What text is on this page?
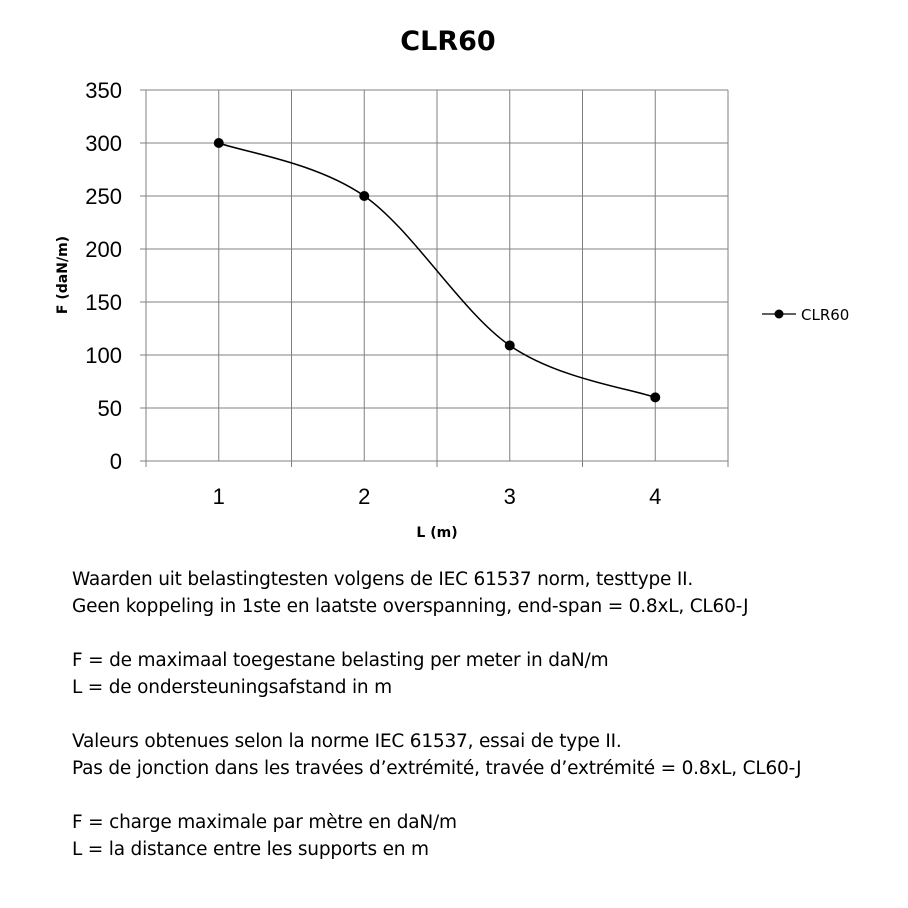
CLR60
0
50
100
150
200
250
300
350
1	2	3	4
F (daN/m)
L (m)
CLR60

Waarden uit belastingtesten volgens de IEC 61537 norm, testtype II.
Geen koppeling in 1ste en laatste overspanning, end-span = 0.8xL, CL60-J

F = de maximaal toegestane belasting per meter in daN/m
L = de ondersteuningsafstand in m

Valeurs obtenues selon la norme IEC 61537, essai de type II.
Pas de jonction dans les travées d’extrémité, travée d’extrémité = 0.8xL, CL60-J

F = charge maximale par mètre en daN/m
L = la distance entre les supports en m
